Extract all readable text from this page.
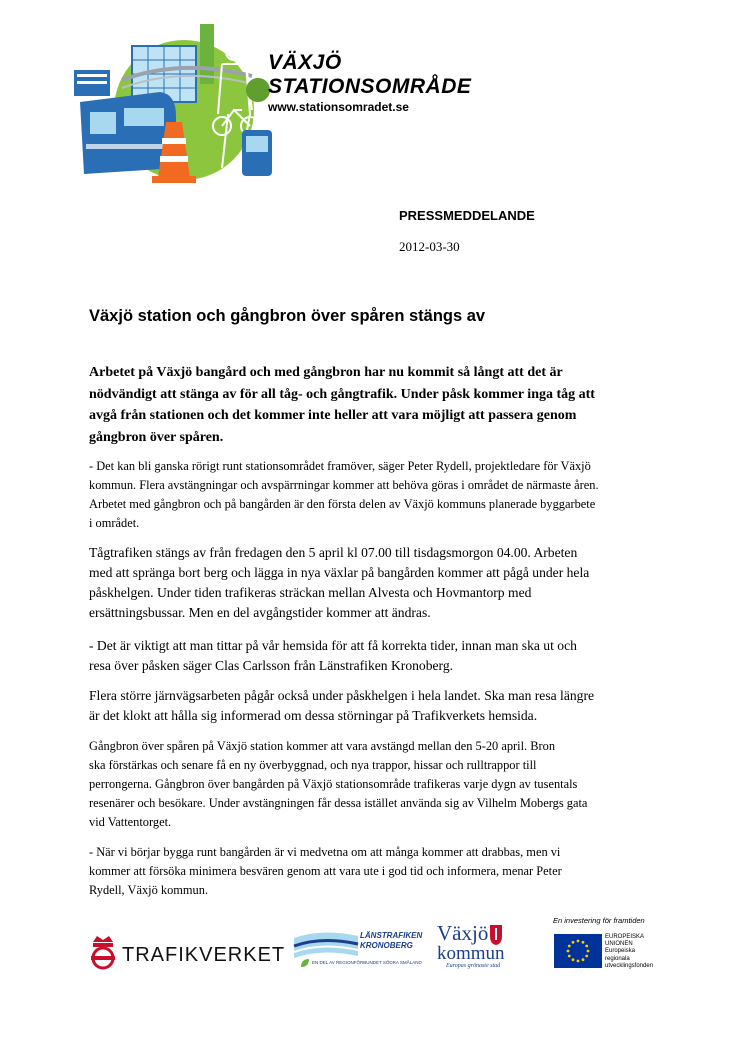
VÄXJÖ
STATIONSOMRÅDE
www.stationsomradet.se
PRESSMEDDELANDE
2012-03-30
Växjö station och gångbron över spåren stängs av
Arbetet på Växjö bangård och med gångbron har nu kommit så långt att det är
nödvändigt att stänga av för all tåg- och gångtrafik. Under påsk kommer inga tåg att
avgå från stationen och det kommer inte heller att vara möjligt att passera genom
gångbron över spåren.
- Det kan bli ganska rörigt runt stationsområdet framöver, säger Peter Rydell, projektledare för Växjö
kommun. Flera avstängningar och avspärrningar kommer att behöva göras i området de närmaste åren.
Arbetet med gångbron och på bangården är den första delen av Växjö kommuns planerade byggarbete
i området.
Tågtrafiken stängs av från fredagen den 5 april kl 07.00 till tisdagsmorgon 04.00. Arbeten
med att spränga bort berg och lägga in nya växlar på bangården kommer att pågå under hela
påskhelgen. Under tiden trafikeras sträckan mellan Alvesta och Hovmantorp med
ersättningsbussar. Men en del avgångstider kommer att ändras.
- Det är viktigt att man tittar på vår hemsida för att få korrekta tider, innan man ska ut och
resa över påsken säger Clas Carlsson från Länstrafiken Kronoberg.
Flera större järnvägsarbeten pågår också under påskhelgen i hela landet. Ska man resa längre
är det klokt att hålla sig informerad om dessa störningar på Trafikverkets hemsida.
Gångbron över spåren på Växjö station kommer att vara avstängd mellan den 5-20 april. Bron
ska förstärkas och senare få en ny överbyggnad, och nya trappor, hissar och rulltrappor till
perrongerna. Gångbron över bangården på Växjö stationsområde trafikeras varje dygn av tusentals
resenärer och besökare. Under avstängningen får dessa istället använda sig av Vilhelm Mobergs gata
vid Vattentorget.
- När vi börjar bygga runt bangården är vi medvetna om att många kommer att drabbas, men vi
kommer att försöka minimera besvären genom att vara ute i god tid och informera, menar Peter
Rydell, Växjö kommun.
TRAFIKVERKET
LÄNSTRAFIKEN
KRONOBERG
EN DEL AV REGIONFÖRBUNDET SÖDRA SMÅLAND
Växjö
kommun
Europas grönaste stad
En investering för framtiden
EUROPEISKA
UNIONEN
Europeiska
regionala
utvecklingsfonden
